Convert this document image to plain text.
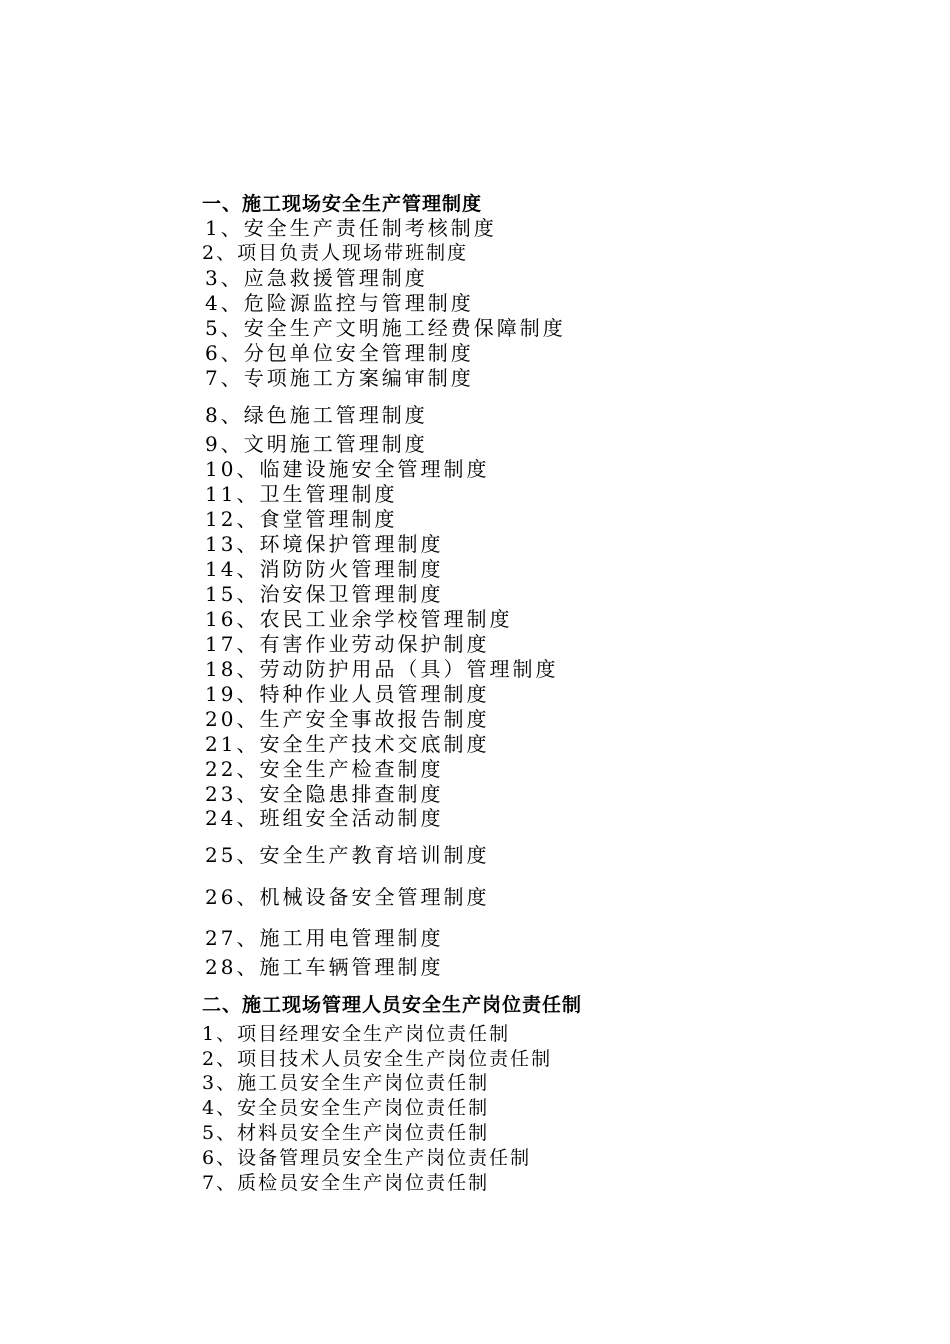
一、施工现场安全生产管理制度
1、安全生产责任制考核制度
2、项目负责人现场带班制度
3、应急救援管理制度
4、危险源监控与管理制度
5、安全生产文明施工经费保障制度
6、分包单位安全管理制度
7、专项施工方案编审制度
8、绿色施工管理制度
9、文明施工管理制度
10、临建设施安全管理制度
11、卫生管理制度
12、食堂管理制度
13、环境保护管理制度
14、消防防火管理制度
15、治安保卫管理制度
16、农民工业余学校管理制度
17、有害作业劳动保护制度
18、劳动防护用品（具）管理制度
19、特种作业人员管理制度
20、生产安全事故报告制度
21、安全生产技术交底制度
22、安全生产检查制度
23、安全隐患排查制度
24、班组安全活动制度
25、安全生产教育培训制度
26、机械设备安全管理制度
27、施工用电管理制度
28、施工车辆管理制度
二、施工现场管理人员安全生产岗位责任制
1、项目经理安全生产岗位责任制
2、项目技术人员安全生产岗位责任制
3、施工员安全生产岗位责任制
4、安全员安全生产岗位责任制
5、材料员安全生产岗位责任制
6、设备管理员安全生产岗位责任制
7、质检员安全生产岗位责任制
